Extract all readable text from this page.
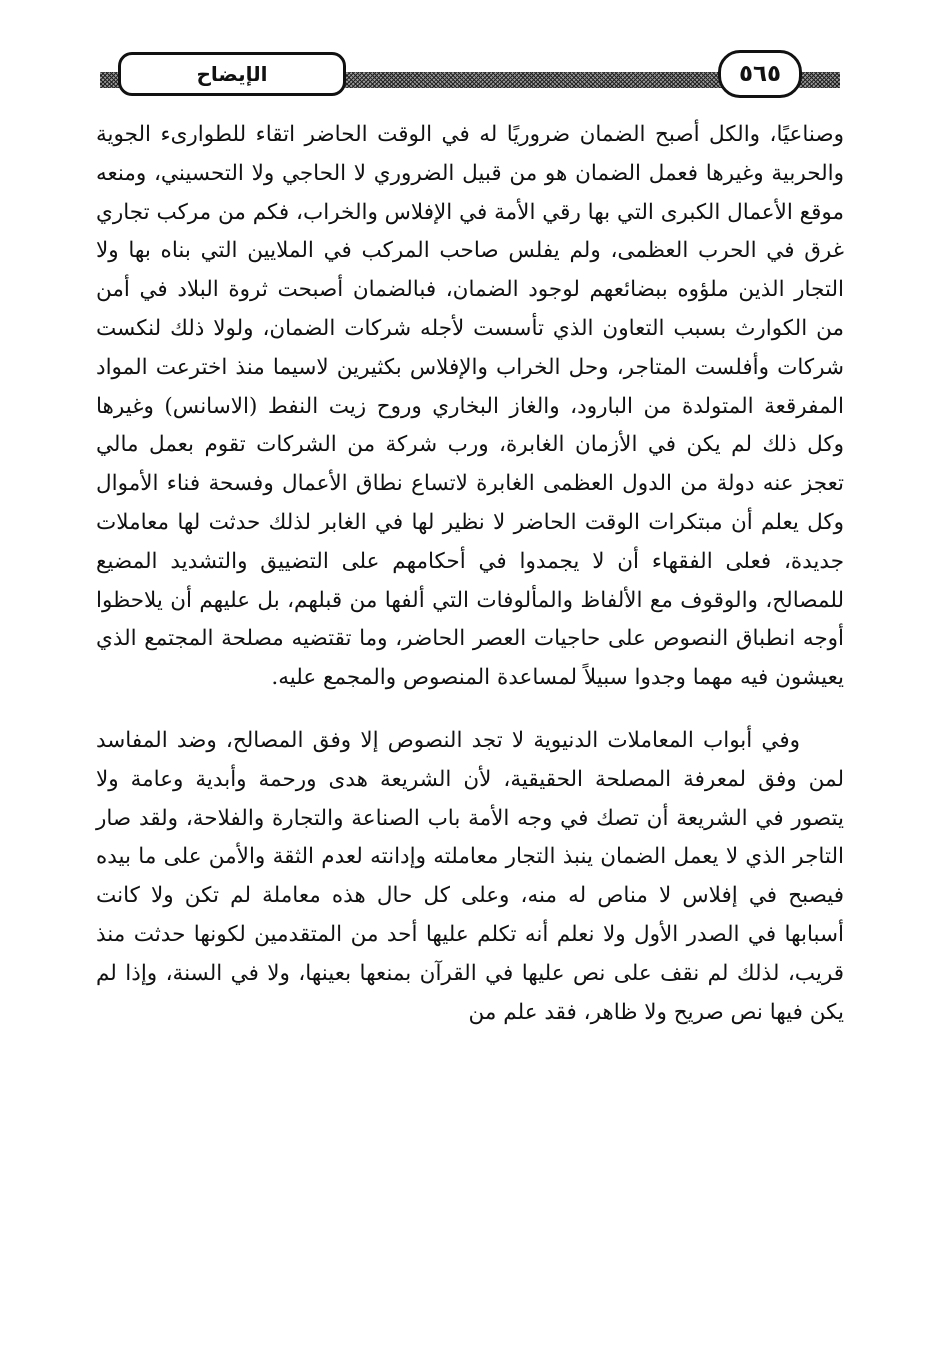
الإيضاح	٥٦٥

وصناعيًا، والكل أصبح الضمان ضروريًا له في الوقت الحاضر اتقاء للطوارىء الجوية والحربية وغيرها فعمل الضمان هو من قبيل الضروري لا الحاجي ولا التحسيني، ومنعه موقع الأعمال الكبرى التي بها رقي الأمة في الإفلاس والخراب، فكم من مركب تجاري غرق في الحرب العظمى، ولم يفلس صاحب المركب في الملايين التي بناه بها ولا التجار الذين ملؤوه ببضائعهم لوجود الضمان، فبالضمان أصبحت ثروة البلاد في أمن من الكوارث بسبب التعاون الذي تأسست لأجله شركات الضمان، ولولا ذلك لنكست شركات وأفلست المتاجر، وحل الخراب والإفلاس بكثيرين لاسيما منذ اخترعت المواد المفرقعة المتولدة من البارود، والغاز البخاري وروح زيت النفط (الاسانس) وغيرها وكل ذلك لم يكن في الأزمان الغابرة، ورب شركة من الشركات تقوم بعمل مالي تعجز عنه دولة من الدول العظمى الغابرة لاتساع نطاق الأعمال وفسحة فناء الأموال وكل يعلم أن مبتكرات الوقت الحاضر لا نظير لها في الغابر لذلك حدثت لها معاملات جديدة، فعلى الفقهاء أن لا يجمدوا في أحكامهم على التضييق والتشديد المضيع للمصالح، والوقوف مع الألفاظ والمألوفات التي ألفها من قبلهم، بل عليهم أن يلاحظوا أوجه انطباق النصوص على حاجيات العصر الحاضر، وما تقتضيه مصلحة المجتمع الذي يعيشون فيه مهما وجدوا سبيلاً لمساعدة المنصوص والمجمع عليه.

وفي أبواب المعاملات الدنيوية لا تجد النصوص إلا وفق المصالح، وضد المفاسد لمن وفق لمعرفة المصلحة الحقيقية، لأن الشريعة هدى ورحمة وأبدية وعامة ولا يتصور في الشريعة أن تصك في وجه الأمة باب الصناعة والتجارة والفلاحة، ولقد صار التاجر الذي لا يعمل الضمان ينبذ التجار معاملته وإدانته لعدم الثقة والأمن على ما بيده فيصبح في إفلاس لا مناص له منه، وعلى كل حال هذه معاملة لم تكن ولا كانت أسبابها في الصدر الأول ولا نعلم أنه تكلم عليها أحد من المتقدمين لكونها حدثت منذ قريب، لذلك لم نقف على نص عليها في القرآن بمنعها بعينها، ولا في السنة، وإذا لم يكن فيها نص صريح ولا ظاهر، فقد علم من
